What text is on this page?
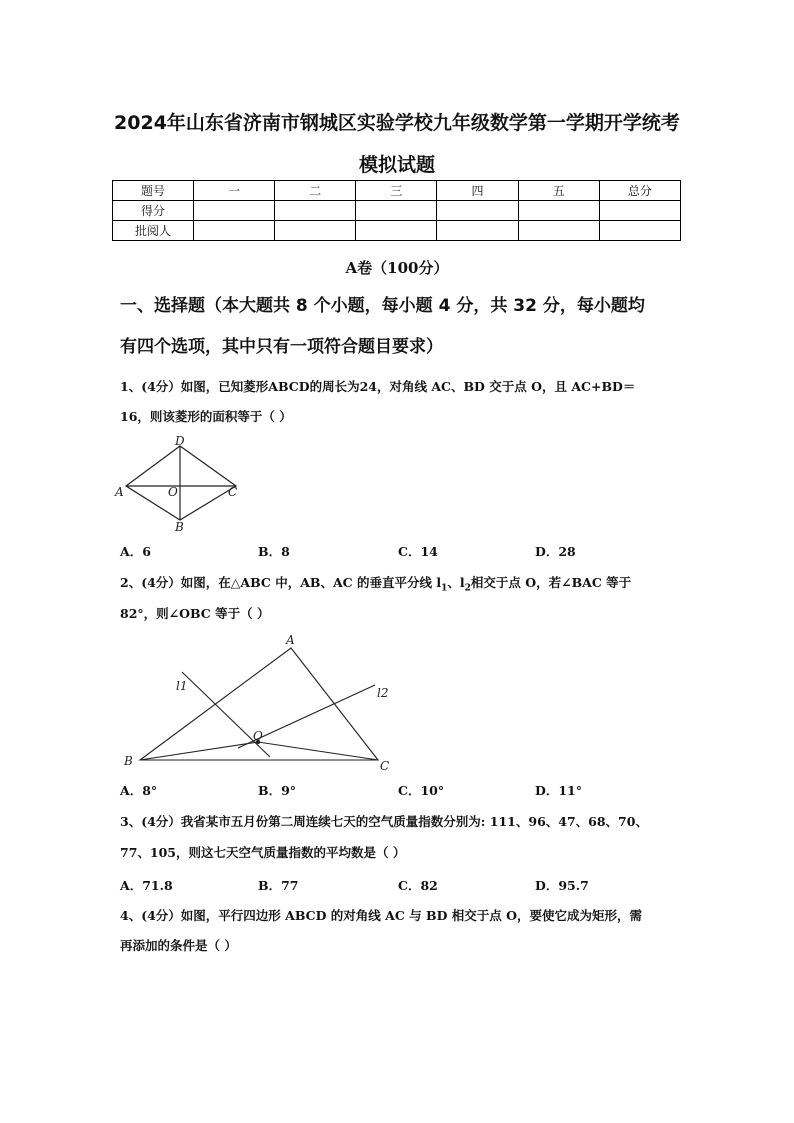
2024年山东省济南市钢城区实验学校九年级数学第一学期开学统考
模拟试题
题号	一	二	三	四	五	总分
得分						
批阅人						
A卷（100分）
一、选择题（本大题共 8 个小题，每小题 4 分，共 32 分，每小题均
有四个选项，其中只有一项符合题目要求）
1、(4分）如图，已知菱形ABCD的周长为24，对角线 AC、BD 交于点 O，且 AC+BD＝
16，则该菱形的面积等于（ ）
D
A	O	C
B
A．6	B．8	C．14	D．28
2、(4分）如图，在△ABC 中，AB、AC 的垂直平分线 $l_1$、$l_2$相交于点 O，若∠BAC 等于
82°，则∠OBC 等于（ ）
A
l1	l2
O
B	C
A．8°	B．9°	C．10°	D．11°
3、(4分）我省某市五月份第二周连续七天的空气质量指数分别为: 111、96、47、68、70、
77、105，则这七天空气质量指数的平均数是（ ）
A．71.8	B．77	C．82	D．95.7
4、(4分）如图，平行四边形 ABCD 的对角线 AC 与 BD 相交于点 O，要使它成为矩形，需
再添加的条件是（ ）
